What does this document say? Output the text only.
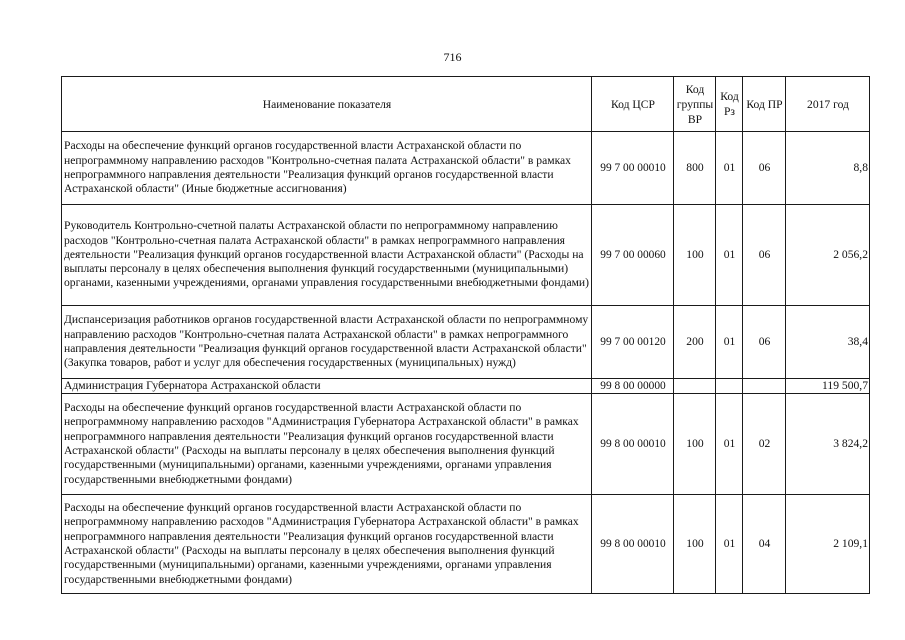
716
Наименование показателя	Код ЦСР	Код группы ВР	Код Рз	Код ПР	2017 год
Расходы на обеспечение функций органов государственной власти Астраханской области по непрограммному направлению расходов "Контрольно-счетная палата Астраханской области" в рамках непрограммного направления деятельности "Реализация функций органов государственной власти Астраханской области" (Иные бюджетные ассигнования)	99 7 00 00010	800	01	06	8,8
Руководитель Контрольно-счетной палаты Астраханской области по непрограммному направлению расходов "Контрольно-счетная палата Астраханской области" в рамках непрограммного направления деятельности "Реализация функций органов государственной власти Астраханской области" (Расходы на выплаты персоналу в целях обеспечения выполнения функций государственными (муниципальными) органами, казенными учреждениями, органами управления государственными внебюджетными фондами)	99 7 00 00060	100	01	06	2 056,2
Диспансеризация работников органов государственной власти Астраханской области по непрограммному направлению расходов "Контрольно-счетная палата Астраханской области" в рамках непрограммного направления деятельности "Реализация функций органов государственной власти Астраханской области" (Закупка товаров, работ и услуг для обеспечения государственных (муниципальных) нужд)	99 7 00 00120	200	01	06	38,4
Администрация Губернатора Астраханской области	99 8 00 00000				119 500,7
Расходы на обеспечение функций органов государственной власти Астраханской области по непрограммному направлению расходов "Администрация Губернатора Астраханской области" в рамках непрограммного направления деятельности "Реализация функций органов государственной власти Астраханской области" (Расходы на выплаты персоналу в целях обеспечения выполнения функций государственными (муниципальными) органами, казенными учреждениями, органами управления государственными внебюджетными фондами)	99 8 00 00010	100	01	02	3 824,2
Расходы на обеспечение функций органов государственной власти Астраханской области по непрограммному направлению расходов "Администрация Губернатора Астраханской области" в рамках непрограммного направления деятельности "Реализация функций органов государственной власти Астраханской области" (Расходы на выплаты персоналу в целях обеспечения выполнения функций государственными (муниципальными) органами, казенными учреждениями, органами управления государственными внебюджетными фондами)	99 8 00 00010	100	01	04	2 109,1
